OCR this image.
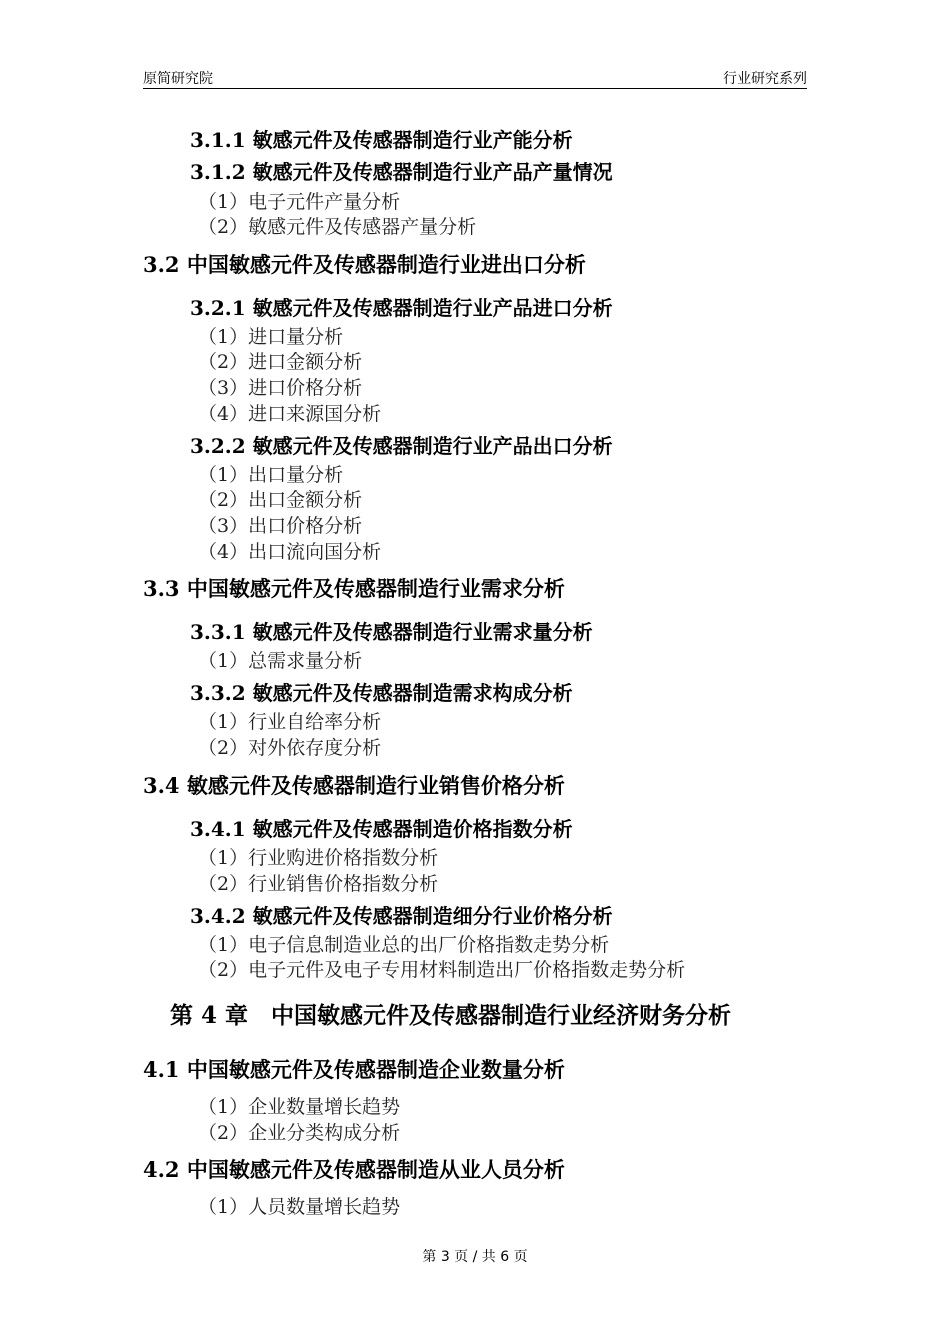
原简研究院	行业研究系列
3.1.1 敏感元件及传感器制造行业产能分析
3.1.2 敏感元件及传感器制造行业产品产量情况
（1）电子元件产量分析
（2）敏感元件及传感器产量分析
3.2 中国敏感元件及传感器制造行业进出口分析
3.2.1 敏感元件及传感器制造行业产品进口分析
（1）进口量分析
（2）进口金额分析
（3）进口价格分析
（4）进口来源国分析
3.2.2 敏感元件及传感器制造行业产品出口分析
（1）出口量分析
（2）出口金额分析
（3）出口价格分析
（4）出口流向国分析
3.3 中国敏感元件及传感器制造行业需求分析
3.3.1 敏感元件及传感器制造行业需求量分析
（1）总需求量分析
3.3.2 敏感元件及传感器制造需求构成分析
（1）行业自给率分析
（2）对外依存度分析
3.4 敏感元件及传感器制造行业销售价格分析
3.4.1 敏感元件及传感器制造价格指数分析
（1）行业购进价格指数分析
（2）行业销售价格指数分析
3.4.2 敏感元件及传感器制造细分行业价格分析
（1）电子信息制造业总的出厂价格指数走势分析
（2）电子元件及电子专用材料制造出厂价格指数走势分析
第 4 章　中国敏感元件及传感器制造行业经济财务分析
4.1 中国敏感元件及传感器制造企业数量分析
（1）企业数量增长趋势
（2）企业分类构成分析
4.2 中国敏感元件及传感器制造从业人员分析
（1）人员数量增长趋势
第 3 页 / 共 6 页
